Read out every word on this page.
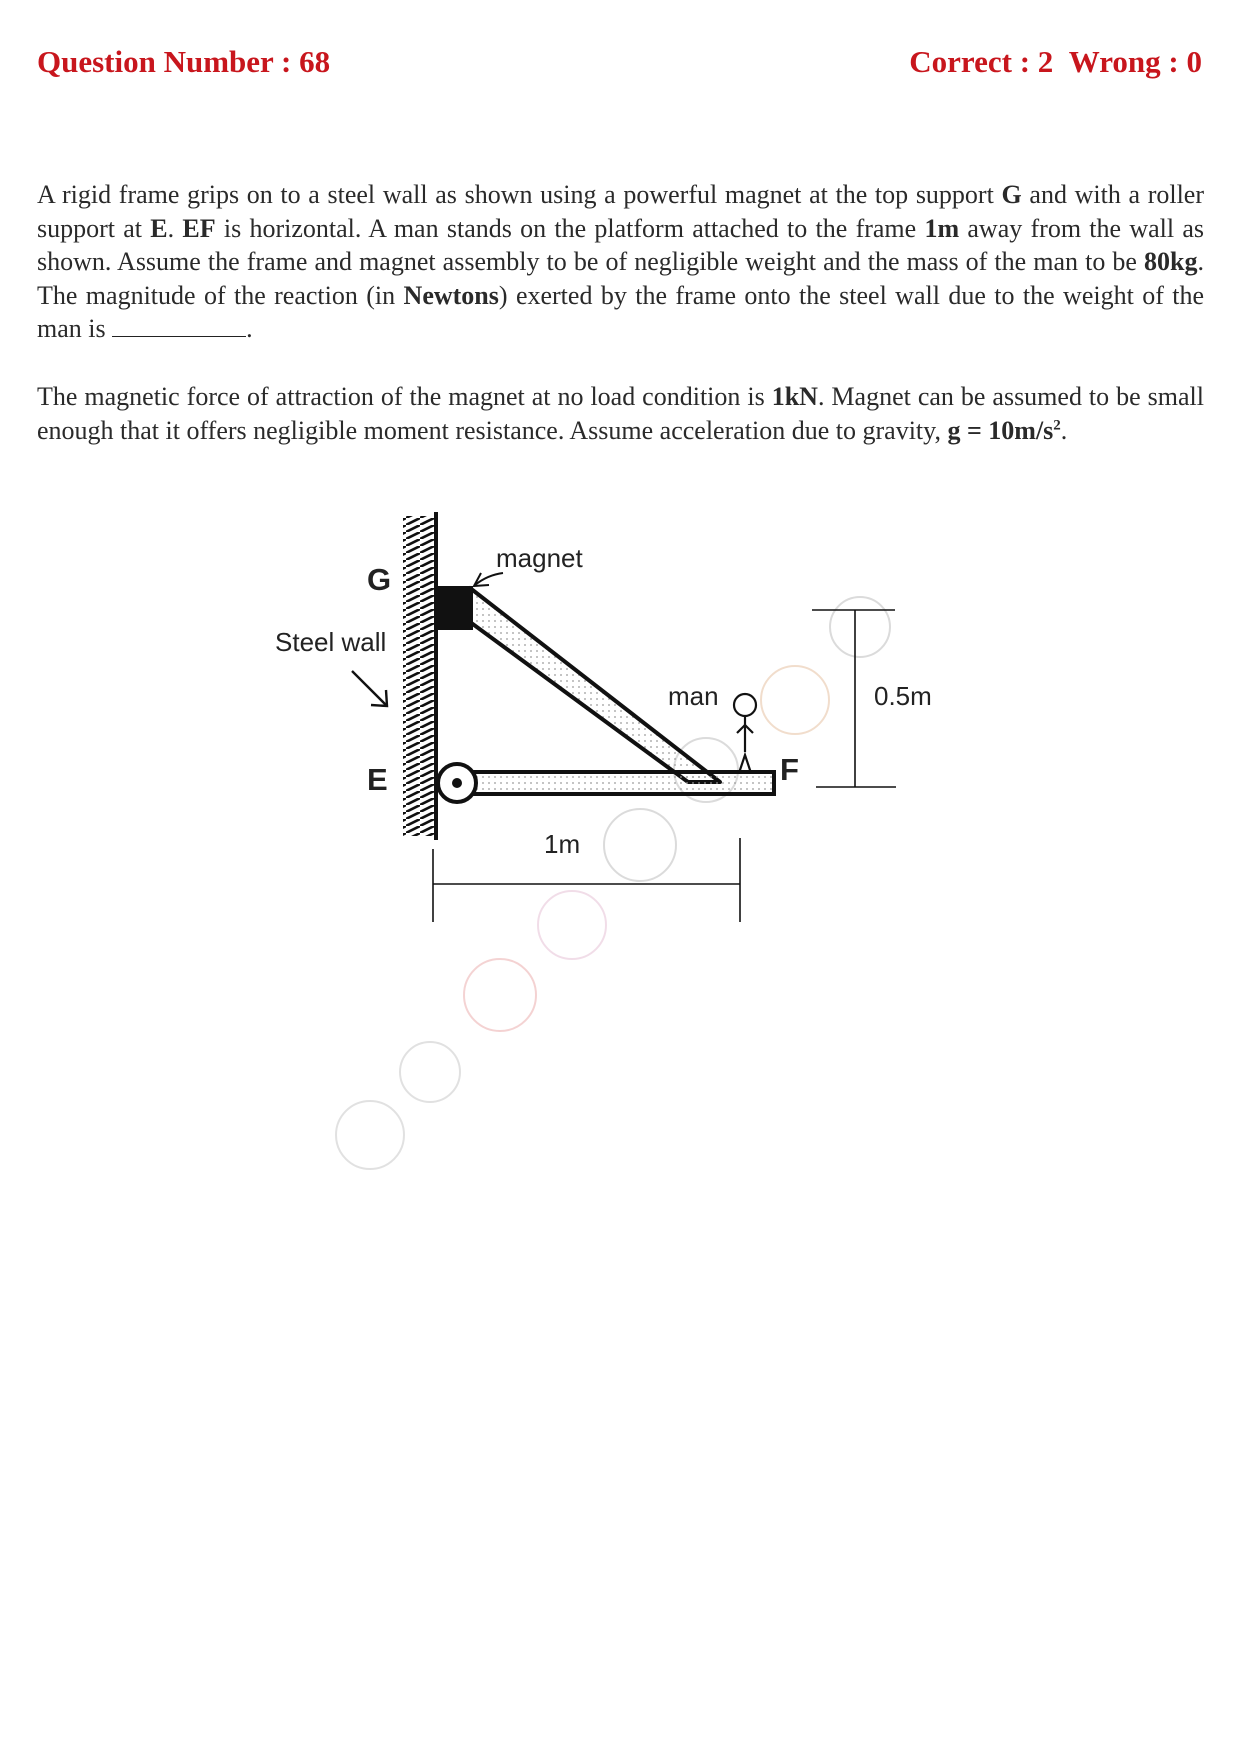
Question Number : 68	Correct : 2 Wrong : 0
A rigid frame grips on to a steel wall as shown using a powerful magnet at the top support G and with a roller support at E. EF is horizontal. A man stands on the platform attached to the frame 1m away from the wall as shown. Assume the frame and magnet assembly to be of negligible weight and the mass of the man to be 80kg. The magnitude of the reaction (in Newtons) exerted by the frame onto the steel wall due to the weight of the man is	.
The magnetic force of attraction of the magnet at no load condition is 1kN. Magnet can be assumed to be small enough that it offers negligible moment resistance. Assume acceleration due to gravity, $g = 10m/s^2$.
G
E	F
Steel wall
magnet
man	0.5m
1m
